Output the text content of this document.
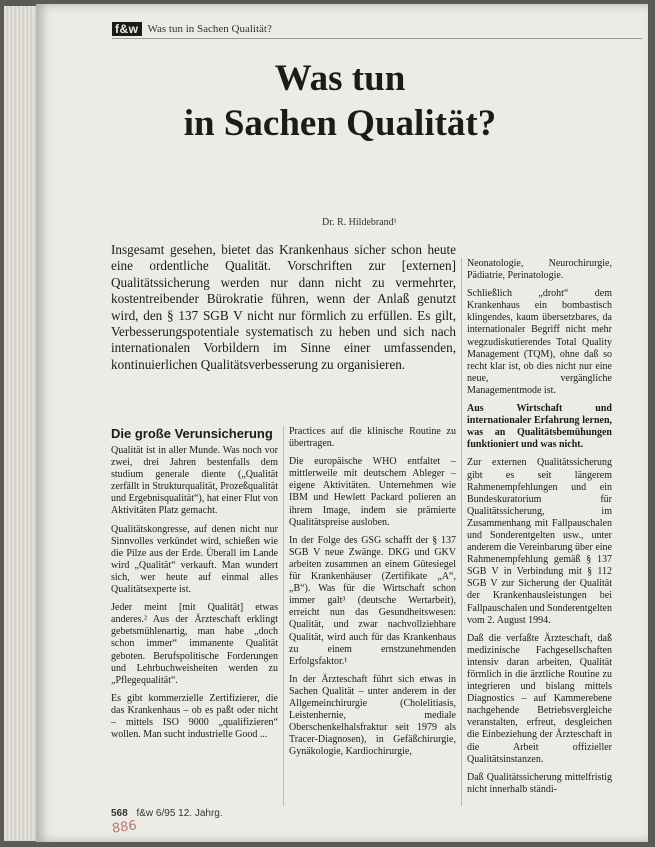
f&w Was tun in Sachen Qualität?
Was tun
in Sachen Qualität?
Dr. R. Hildebrand¹
Insgesamt gesehen, bietet das Krankenhaus sicher schon heute eine ordentliche Qualität. Vorschriften zur [externen] Qualitätssicherung werden nur dann nicht zu vermehrter, kostentreibender Bürokratie führen, wenn der Anlaß genutzt wird, den § 137 SGB V nicht nur förmlich zu erfüllen. Es gilt, Verbesserungspotentiale systematisch zu heben und sich nach internationalen Vorbildern im Sinne einer umfassenden, kontinuierlichen Qualitätsverbesserung zu organisieren.
Die große Verunsicherung

Qualität ist in aller Munde. Was noch vor zwei, drei Jahren bestenfalls dem studium generale diente („Qualität zerfällt in Strukturqualität, Prozeßqualität und Ergebnisqualität“), hat einer Flut von Aktivitäten Platz gemacht.

Qualitätskongresse, auf denen nicht nur Sinnvolles verkündet wird, schießen wie die Pilze aus der Erde. Überall im Lande wird „Qualität“ verkauft. Man wundert sich, wer heute auf einmal alles Qualitätsexperte ist.

Jeder meint [mit Qualität] etwas anderes.² Aus der Ärzteschaft erklingt gebetsmühlenartig, man habe „doch schon immer“ immanente Qualität geboten. Berufspolitische Forderungen und Lehrbuchweisheiten werden zu „Pflegequalität“.

Es gibt kommerzielle Zertifizierer, die das Krankenhaus – ob es paßt oder nicht – mittels ISO 9000 „qualifizieren“ wollen. Man sucht industrielle Good ...

Practices auf die klinische Routine zu übertragen.

Die europäische WHO entfaltet – mittlerweile mit deutschem Ableger – eigene Aktivitäten. Unternehmen wie IBM und Hewlett Packard polieren an ihrem Image, indem sie prämierte Qualitätspreise ausloben.

In der Folge des GSG schafft der § 137 SGB V neue Zwänge. DKG und GKV arbeiten zusammen an einem Gütesiegel für Krankenhäuser (Zertifikate „A“, „B“). Was für die Wirtschaft schon immer galt³ (deutsche Wertarbeit), erreicht nun das Gesundheitswesen: Qualität, und zwar nachvollziehbare Qualität, wird auch für das Krankenhaus zu einem ernstzunehmenden Erfolgsfaktor.¹

In der Ärzteschaft führt sich etwas in Sachen Qualität – unter anderem in der Allgemeinchirurgie (Cholelitiasis, Leistenhernie, mediale Oberschenkelhalsfraktur seit 1979 als Tracer-Diagnosen), in Gefäßchirurgie, Gynäkologie, Kardiochirurgie,

Neonatologie, Neurochirurgie, Pädiatrie, Perinatologie.

Schließlich „droht“ dem Krankenhaus ein bombastisch klingendes, kaum übersetzbares, da internationaler Begriff nicht mehr wegzudiskutierendes Total Quality Management (TQM), ohne daß so recht klar ist, ob dies nicht nur eine neue, vergängliche Managementmode ist.

Aus Wirtschaft und internationaler Erfahrung lernen, was an Qualitätsbemühungen funktioniert und was nicht.

Zur externen Qualitätssicherung gibt es seit längerem Rahmenempfehlungen und ein Bundeskuratorium für Qualitätssicherung, im Zusammenhang mit Fallpauschalen und Sonderentgelten usw., unter anderem die Vereinbarung über eine Rahmenempfehlung gemäß § 137 SGB V in Verbindung mit § 112 SGB V zur Sicherung der Qualität der Krankenhausleistungen bei Fallpauschalen und Sonderentgelten vom 2. August 1994.

Daß die verfaßte Ärzteschaft, daß medizinische Fachgesellschaften intensiv daran arbeiten, Qualität förmlich in die ärztliche Routine zu integrieren und bislang mittels Diagnostics – auf Kammerebene nachgehende Betriebsvergleiche veranstalten, erfreut, desgleichen die Einbeziehung der Ärzteschaft in die Arbeit offizieller Qualitätsinstanzen.

Daß Qualitätssicherung mittelfristig nicht innerhalb ständi-

568 f&w 6/95 12. Jahrg.
886
